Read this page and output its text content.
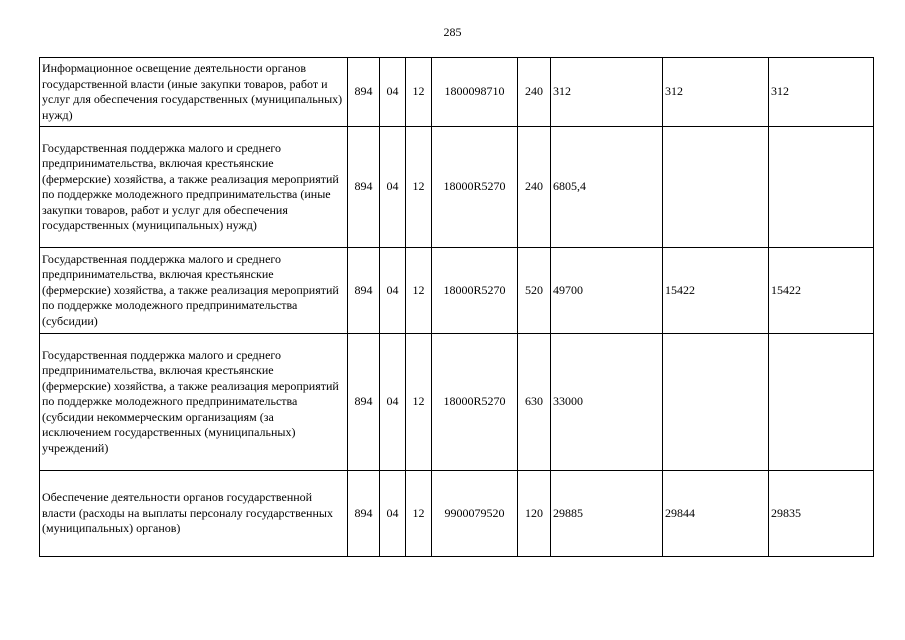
285
Информационное освещение деятельности органов государственной власти (иные закупки товаров, работ и услуг для обеспечения государственных (муниципальных) нужд)	894	04	12	1800098710	240	312	312	312
Государственная поддержка малого и среднего предпринимательства, включая крестьянские (фермерские) хозяйства, а также реализация мероприятий по поддержке молодежного предпринимательства (иные закупки товаров, работ и услуг для обеспечения государственных (муниципальных) нужд)	894	04	12	18000R5270	240	6805,4		
Государственная поддержка малого и среднего предпринимательства, включая крестьянские (фермерские) хозяйства, а также реализация мероприятий по поддержке молодежного предпринимательства (субсидии)	894	04	12	18000R5270	520	49700	15422	15422
Государственная поддержка малого и среднего предпринимательства, включая крестьянские (фермерские) хозяйства, а также реализация мероприятий по поддержке молодежного предпринимательства (субсидии некоммерческим организациям (за исключением государственных (муниципальных) учреждений)	894	04	12	18000R5270	630	33000		
Обеспечение деятельности органов государственной власти (расходы на выплаты персоналу государственных (муниципальных) органов)	894	04	12	9900079520	120	29885	29844	29835
